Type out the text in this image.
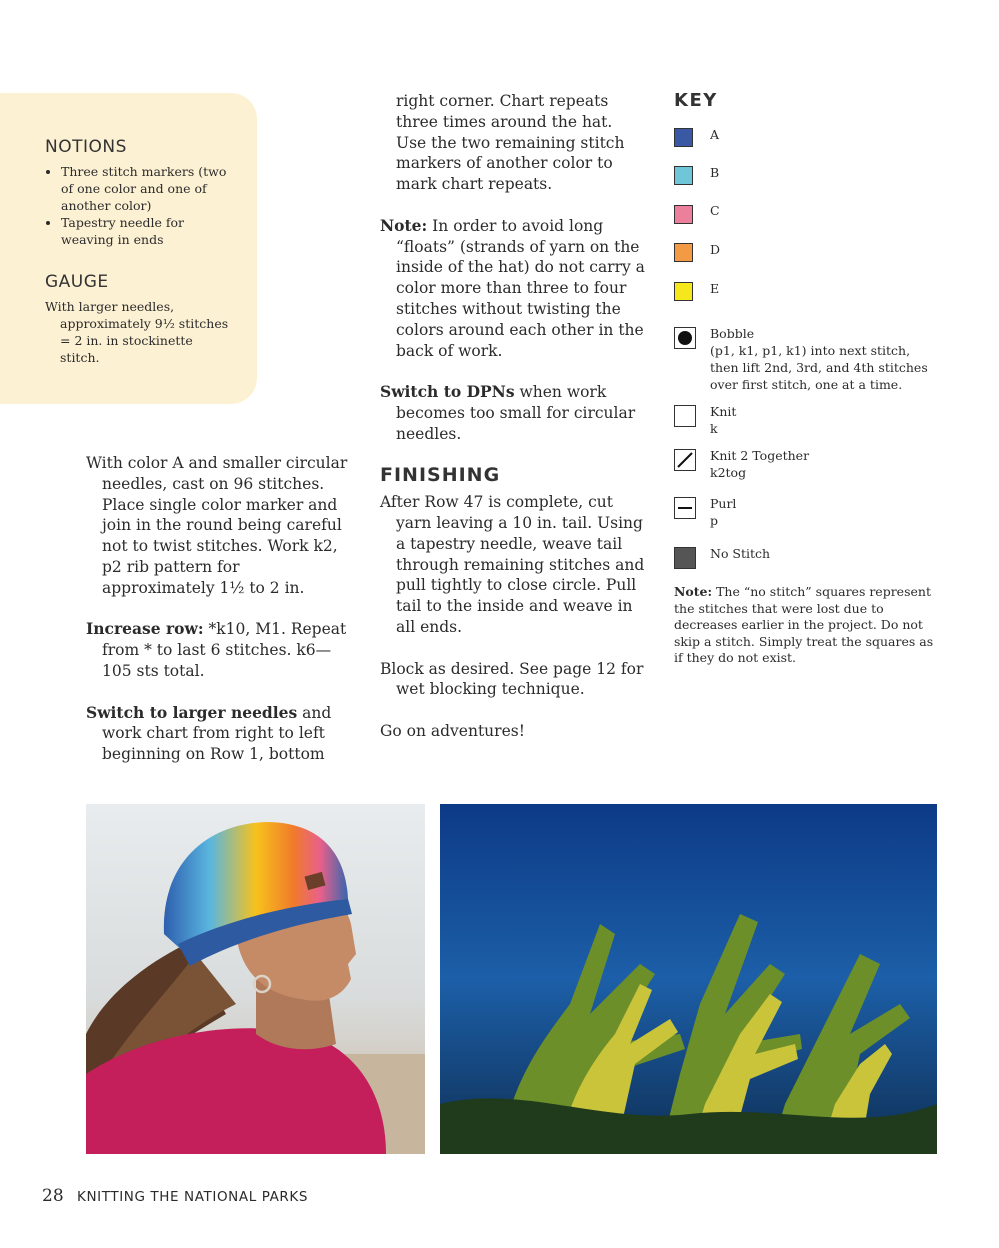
NOTIONS
• Three stitch markers (two of one color and one of another color)
• Tapestry needle for weaving in ends
GAUGE

With larger needles, approximately 9½ stitches = 2 in. in stockinette stitch.

With color A and smaller circular needles, cast on 96 stitches. Place single color marker and join in the round being careful not to twist stitches. Work k2, p2 rib pattern for approximately 1½ to 2 in.

Increase row: *k10, M1. Repeat from * to last 6 stitches. k6—105 sts total.

Switch to larger needles and work chart from right to left beginning on Row 1, bottom

right corner. Chart repeats three times around the hat. Use the two remaining stitch markers of another color to mark chart repeats.

Note: In order to avoid long “floats” (strands of yarn on the inside of the hat) do not carry a color more than three to four stitches without twisting the colors around each other in the back of work.

Switch to DPNs when work becomes too small for circular needles.

FINISHING

After Row 47 is complete, cut yarn leaving a 10 in. tail. Using a tapestry needle, weave tail through remaining stitches and pull tightly to close circle. Pull tail to the inside and weave in all ends.

Block as desired. See page 12 for wet blocking technique.

Go on adventures!

KEY
A
B
C
D
E
Bobble
(p1, k1, p1, k1) into next stitch, then lift 2nd, 3rd, and 4th stitches over first stitch, one at a time.
Knit
k
Knit 2 Together
k2tog
Purl
p
No Stitch

Note: The “no stitch” squares represent the stitches that were lost due to decreases earlier in the project. Do not skip a stitch. Simply treat the squares as if they do not exist.

28 KNITTING THE NATIONAL PARKS
